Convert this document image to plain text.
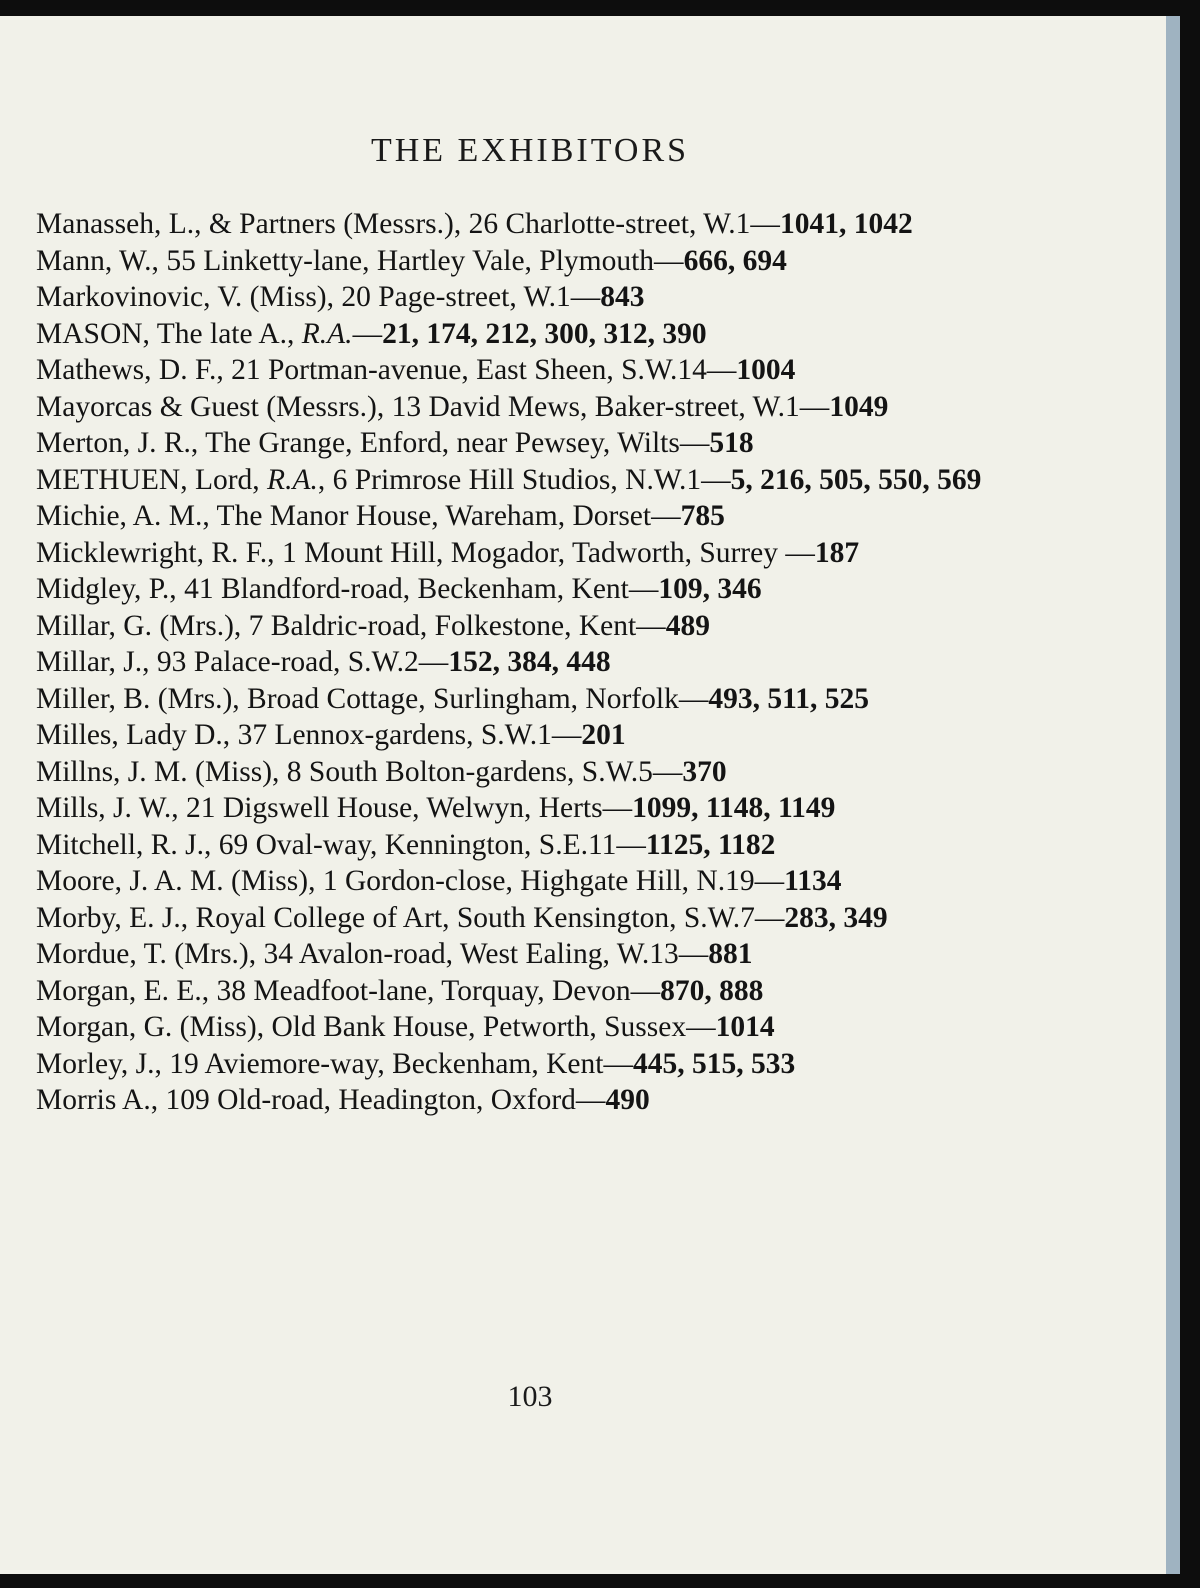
THE EXHIBITORS
Manasseh, L., & Partners (Messrs.), 26 Charlotte-street, W.1—1041, 1042
Mann, W., 55 Linketty-lane, Hartley Vale, Plymouth—666, 694
Markovinovic, V. (Miss), 20 Page-street, W.1—843
MASON, The late A., R.A.—21, 174, 212, 300, 312, 390
Mathews, D. F., 21 Portman-avenue, East Sheen, S.W.14—1004
Mayorcas & Guest (Messrs.), 13 David Mews, Baker-street, W.1—1049
Merton, J. R., The Grange, Enford, near Pewsey, Wilts—518
METHUEN, Lord, R.A., 6 Primrose Hill Studios, N.W.1—5, 216, 505, 550, 569
Michie, A. M., The Manor House, Wareham, Dorset—785
Micklewright, R. F., 1 Mount Hill, Mogador, Tadworth, Surrey —187
Midgley, P., 41 Blandford-road, Beckenham, Kent—109, 346
Millar, G. (Mrs.), 7 Baldric-road, Folkestone, Kent—489
Millar, J., 93 Palace-road, S.W.2—152, 384, 448
Miller, B. (Mrs.), Broad Cottage, Surlingham, Norfolk—493, 511, 525
Milles, Lady D., 37 Lennox-gardens, S.W.1—201
Millns, J. M. (Miss), 8 South Bolton-gardens, S.W.5—370
Mills, J. W., 21 Digswell House, Welwyn, Herts—1099, 1148, 1149
Mitchell, R. J., 69 Oval-way, Kennington, S.E.11—1125, 1182
Moore, J. A. M. (Miss), 1 Gordon-close, Highgate Hill, N.19—1134
Morby, E. J., Royal College of Art, South Kensington, S.W.7—283, 349
Mordue, T. (Mrs.), 34 Avalon-road, West Ealing, W.13—881
Morgan, E. E., 38 Meadfoot-lane, Torquay, Devon—870, 888
Morgan, G. (Miss), Old Bank House, Petworth, Sussex—1014
Morley, J., 19 Aviemore-way, Beckenham, Kent—445, 515, 533
Morris A., 109 Old-road, Headington, Oxford—490
103
